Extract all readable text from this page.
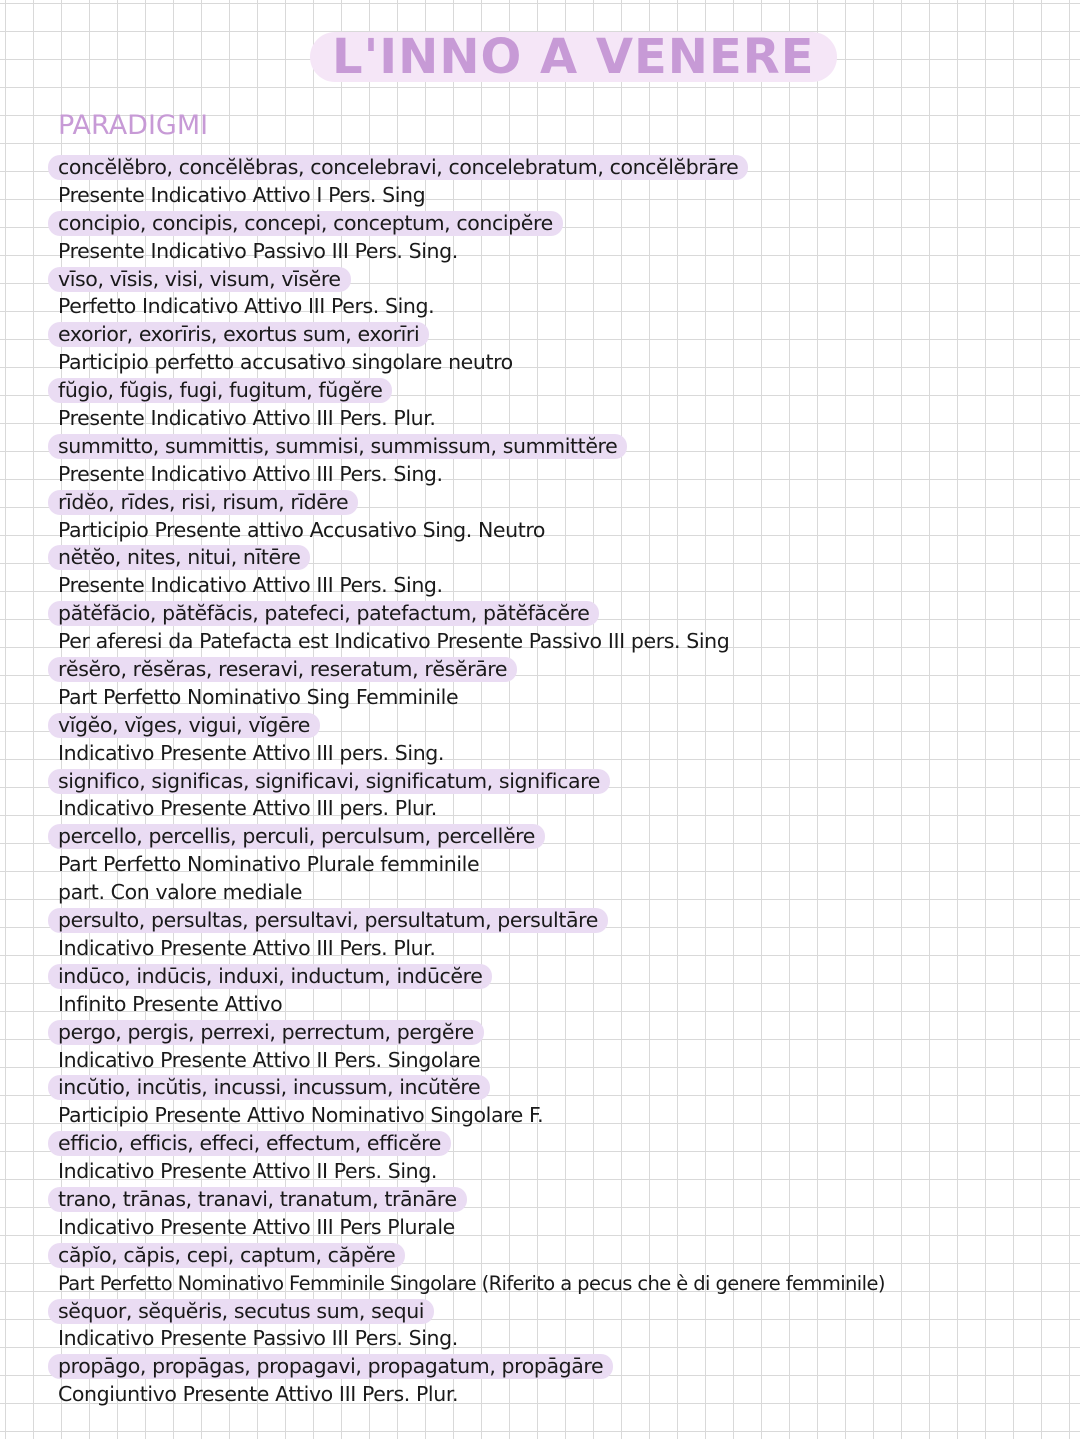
L'INNO A VENERE
PARADIGMI
concĕlĕbro, concĕlĕbras, concelebravi, concelebratum, concĕlĕbrāre
Presente Indicativo Attivo I Pers. Sing
concipio, concipis, concepi, conceptum, concipĕre
Presente Indicativo Passivo III Pers. Sing.
vīso, vīsis, visi, visum, vīsĕre
Perfetto Indicativo Attivo III Pers. Sing.
exorior, exorīris, exortus sum, exorīri
Participio perfetto accusativo singolare neutro
fŭgio, fŭgis, fugi, fugitum, fŭgĕre
Presente Indicativo Attivo III Pers. Plur.
summitto, summittis, summisi, summissum, summittĕre
Presente Indicativo Attivo III Pers. Sing.
rīdĕo, rīdes, risi, risum, rīdēre
Participio Presente attivo Accusativo Sing. Neutro
nĕtĕo, nites, nitui, nītēre
Presente Indicativo Attivo III Pers. Sing.
pătĕfăcio, pătĕfăcis, patefeci, patefactum, pătĕfăcĕre
Per aferesi da Patefacta est Indicativo Presente Passivo III pers. Sing
rĕsĕro, rĕsĕras, reseravi, reseratum, rĕsĕrāre
Part Perfetto Nominativo Sing Femminile
vĭgĕo, vĭges, vigui, vĭgēre
Indicativo Presente Attivo III pers. Sing.
significo, significas, significavi, significatum, significare
Indicativo Presente Attivo III pers. Plur.
percello, percellis, perculi, perculsum, percellĕre
Part Perfetto Nominativo Plurale femminile
part. Con valore mediale
persulto, persultas, persultavi, persultatum, persultāre
Indicativo Presente Attivo III Pers. Plur.
indūco, indūcis, induxi, inductum, indūcĕre
Infinito Presente Attivo
pergo, pergis, perrexi, perrectum, pergĕre
Indicativo Presente Attivo II Pers. Singolare
incŭtio, incŭtis, incussi, incussum, incŭtĕre
Participio Presente Attivo Nominativo Singolare F.
efficio, efficis, effeci, effectum, efficĕre
Indicativo Presente Attivo II Pers. Sing.
trano, trānas, tranavi, tranatum, trānāre
Indicativo Presente Attivo III Pers Plurale
căpĭo, căpis, cepi, captum, căpĕre
Part Perfetto Nominativo Femminile Singolare (Riferito a pecus che è di genere femminile)
sĕquor, sĕquĕris, secutus sum, sequi
Indicativo Presente Passivo III Pers. Sing.
propāgo, propāgas, propagavi, propagatum, propāgāre
Congiuntivo Presente Attivo III Pers. Plur.
